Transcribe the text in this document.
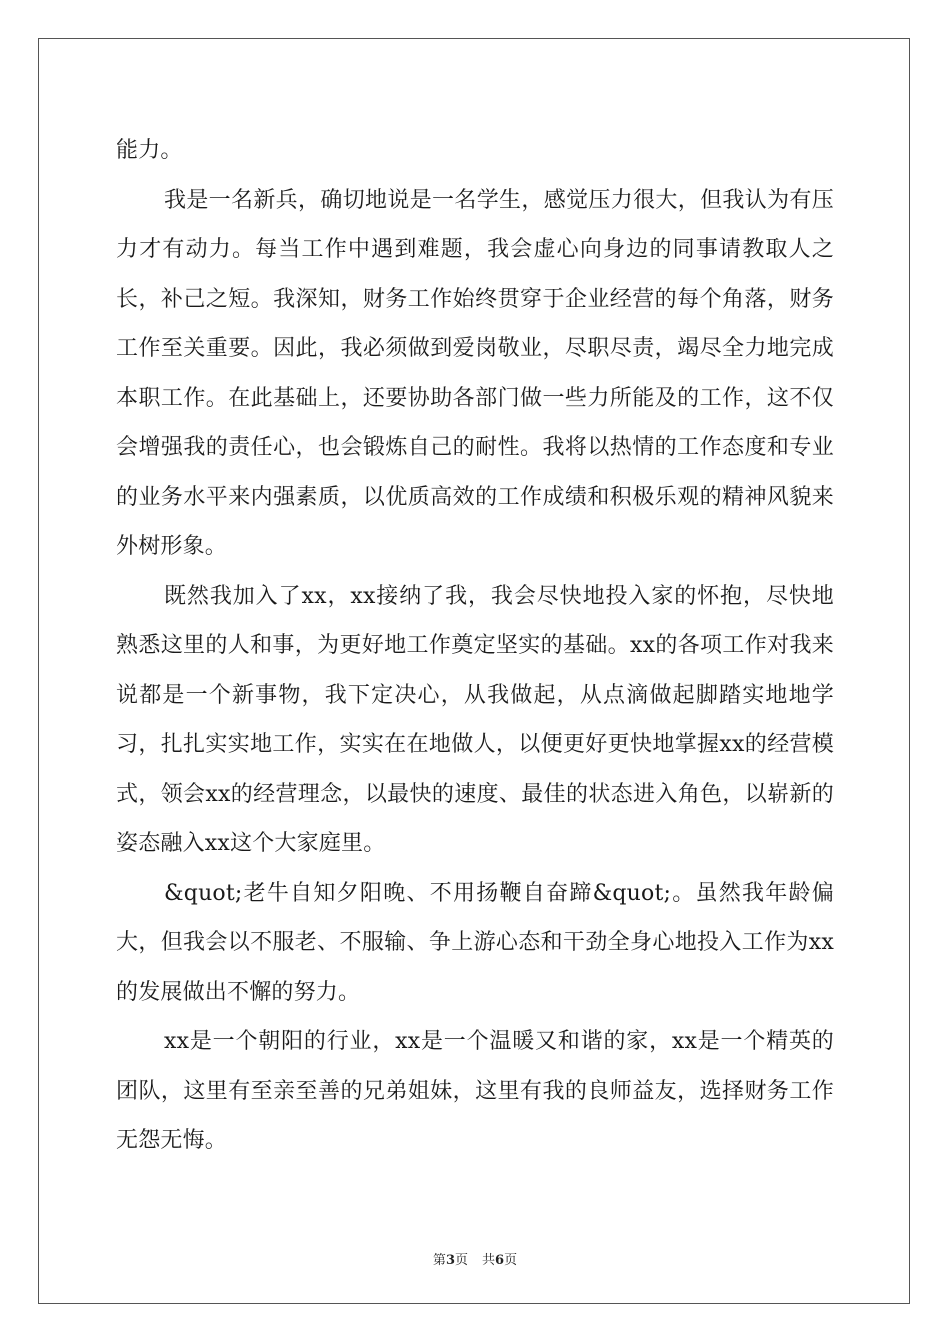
能力。

我是一名新兵，确切地说是一名学生，感觉压力很大，但我认为有压力才有动力。每当工作中遇到难题，我会虚心向身边的同事请教取人之长，补己之短。我深知，财务工作始终贯穿于企业经营的每个角落，财务工作至关重要。因此，我必须做到爱岗敬业，尽职尽责，竭尽全力地完成本职工作。在此基础上，还要协助各部门做一些力所能及的工作，这不仅会增强我的责任心，也会锻炼自己的耐性。我将以热情的工作态度和专业的业务水平来内强素质，以优质高效的工作成绩和积极乐观的精神风貌来外树形象。

既然我加入了xx，xx接纳了我，我会尽快地投入家的怀抱，尽快地熟悉这里的人和事，为更好地工作奠定坚实的基础。xx的各项工作对我来说都是一个新事物，我下定决心，从我做起，从点滴做起脚踏实地地学习，扎扎实实地工作，实实在在地做人，以便更好更快地掌握xx的经营模式，领会xx的经营理念，以最快的速度、最佳的状态进入角色，以崭新的姿态融入xx这个大家庭里。

&quot;老牛自知夕阳晚、不用扬鞭自奋蹄&quot;。虽然我年龄偏大，但我会以不服老、不服输、争上游心态和干劲全身心地投入工作为xx的发展做出不懈的努力。

xx是一个朝阳的行业，xx是一个温暖又和谐的家，xx是一个精英的团队，这里有至亲至善的兄弟姐妹，这里有我的良师益友，选择财务工作无怨无悔。

第3页 共6页
